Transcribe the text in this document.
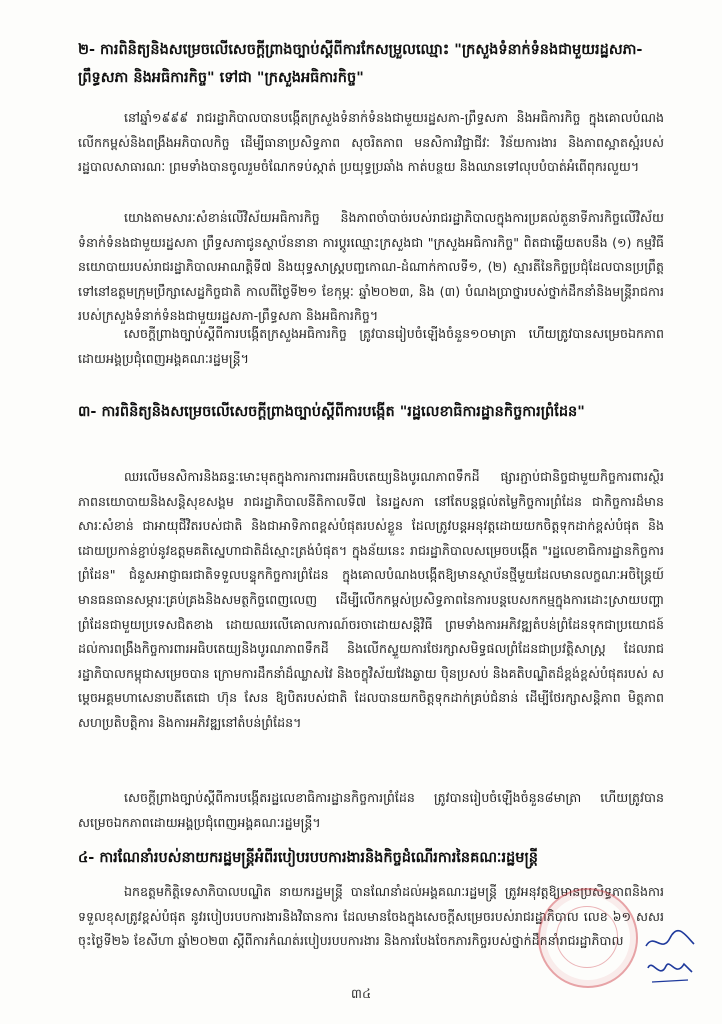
២- ការពិនិត្យនិងសម្រេចលើសេចក្តីព្រាងច្បាប់ស្តីពីការកែសម្រួលឈ្មោះ "ក្រសួងទំនាក់ទំនងជាមួយរដ្ឋសភា-ព្រឹទ្ធសភា និងអធិការកិច្ច" ទៅជា "ក្រសួងអធិការកិច្ច"
នៅឆ្នាំ១៩៩៩ រាជរដ្ឋាភិបាលបានបង្កើតក្រសួងទំនាក់ទំនងជាមួយរដ្ឋសភា-ព្រឹទ្ធសភា និងអធិការកិច្ច ក្នុងគោលបំណងលើកកម្ពស់និងពង្រឹងអភិបាលកិច្ច ដើម្បីធានាប្រសិទ្ធភាព សុចរិតភាព មនសិការវិជ្ជាជីវៈ វិន័យការងារ និងភាពស្អាតស្អំរបស់រដ្ឋបាលសាធារណៈ ព្រមទាំងបានចូលរួមចំណែកទប់ស្កាត់ ប្រយុទ្ធប្រឆាំង កាត់បន្ថយ និងឈានទៅលុបបំបាត់អំពើពុករលួយ។
យោងតាមសារៈសំខាន់លើវិស័យអធិការកិច្ច និងភាពចាំបាច់របស់រាជរដ្ឋាភិបាលក្នុងការប្រគល់តួនាទីភារកិច្ចលើវិស័យទំនាក់ទំនងជាមួយរដ្ឋសភា ព្រឹទ្ធសភាជូនស្ថាប័ននានា ការប្តូរឈ្មោះក្រសួងជា "ក្រសួងអធិការកិច្ច" ពិតជាឆ្លើយតបនឹង (១) កម្មវិធីនយោបាយរបស់រាជរដ្ឋាភិបាលអាណត្តិទី៧ និងយុទ្ធសាស្ត្របញ្ចកោណ-ដំណាក់កាលទី១, (២) ស្មារតីនៃកិច្ចប្រជុំដែលបានប្រព្រឹត្តទៅនៅឧត្តមក្រុមប្រឹក្សាសេដ្ឋកិច្ចជាតិ កាលពីថ្ងៃទី២១ ខែកុម្ភៈ ឆ្នាំ២០២៣, និង (៣) បំណងប្រាថ្នារបស់ថ្នាក់ដឹកនាំនិងមន្ត្រីរាជការរបស់ក្រសួងទំនាក់ទំនងជាមួយរដ្ឋសភា-ព្រឹទ្ធសភា និងអធិការកិច្ច។
សេចក្តីព្រាងច្បាប់ស្តីពីការបង្កើតក្រសួងអធិការកិច្ច ត្រូវបានរៀបចំឡើងចំនួន១០មាត្រា ហើយត្រូវបានសម្រេចឯកភាពដោយអង្គប្រជុំពេញអង្គគណៈរដ្ឋមន្ត្រី។
៣- ការពិនិត្យនិងសម្រេចលើសេចក្តីព្រាងច្បាប់ស្តីពីការបង្កើត "រដ្ឋលេខាធិការដ្ឋានកិច្ចការព្រំដែន"
ឈរលើមនសិការនិងឆន្ទៈមោះមុតក្នុងការការពារអធិបតេយ្យនិងបូរណភាពទឹកដី ផ្សារភ្ជាប់ជានិច្ចជាមួយកិច្ចការពារស្ថិរភាពនយោបាយនិងសន្តិសុខសង្គម រាជរដ្ឋាភិបាលនីតិកាលទី៧ នៃរដ្ឋសភា នៅតែបន្តផ្តល់តម្លៃកិច្ចការព្រំដែន ជាកិច្ចការដ៏មានសារៈសំខាន់ ជាអាយុជីវិតរបស់ជាតិ និងជាអាទិភាពខ្ពស់បំផុតរបស់ខ្លួន ដែលត្រូវបន្តអនុវត្តដោយយកចិត្តទុកដាក់ខ្ពស់បំផុត និងដោយប្រកាន់ខ្ជាប់នូវឧត្តមគតិស្នេហាជាតិដ៏ស្មោះត្រង់បំផុត។ ក្នុងន័យនេះ រាជរដ្ឋាភិបាលសម្រេចបង្កើត "រដ្ឋលេខាធិការដ្ឋានកិច្ចការព្រំដែន" ជំនួសអាជ្ញាធរជាតិទទួលបន្ទុកកិច្ចការព្រំដែន ក្នុងគោលបំណងបង្កើតឱ្យមានស្ថាប័នថ្មីមួយដែលមានលក្ខណៈអចិន្ត្រៃយ៍ មានធនធានសម្ភារៈគ្រប់គ្រងនិងសមត្ថកិច្ចពេញលេញ ដើម្បីលើកកម្ពស់ប្រសិទ្ធភាពនៃការបន្តបេសកកម្មក្នុងការដោះស្រាយបញ្ហាព្រំដែនជាមួយប្រទេសជិតខាង ដោយឈរលើគោលការណ៍ចរចាដោយសន្តិវិធី ព្រមទាំងការអភិវឌ្ឍតំបន់ព្រំដែនទុកជាប្រយោជន៍ដល់ការពង្រឹងកិច្ចការពារអធិបតេយ្យនិងបូរណភាពទឹកដី និងលើកស្ទួយការថែរក្សាសមិទ្ធផលព្រំដែនជាប្រវត្តិសាស្ត្រ ដែលរាជរដ្ឋាភិបាលកម្ពុជាសម្រេចបាន ក្រោមការដឹកនាំដ៏ឈ្លាសវៃ និងចក្ខុវិស័យវែងឆ្ងាយ ប៉ិនប្រសប់ និងគតិបណ្ឌិតដ៏ខ្ពង់ខ្ពស់បំផុតរបស់ សម្តេចអគ្គមហាសេនាបតីតេជោ ហ៊ុន សែន ឱ្យបិតរបស់ជាតិ ដែលបានយកចិត្តទុកដាក់គ្រប់ជំនាន់ ដើម្បីថែរក្សាសន្តិភាព មិត្តភាព សហប្រតិបត្តិការ និងការអភិវឌ្ឍនៅតំបន់ព្រំដែន។
សេចក្តីព្រាងច្បាប់ស្តីពីការបង្កើតរដ្ឋលេខាធិការដ្ឋានកិច្ចការព្រំដែន ត្រូវបានរៀបចំឡើងចំនួន៨មាត្រា ហើយត្រូវបានសម្រេចឯកភាពដោយអង្គប្រជុំពេញអង្គគណៈរដ្ឋមន្ត្រី។
៤- ការណែនាំរបស់នាយករដ្ឋមន្ត្រីអំពីរបៀបរបបការងារនិងកិច្ចដំណើរការនៃគណៈរដ្ឋមន្ត្រី
ឯកឧត្តមកិត្តិទេសាភិបាលបណ្ឌិត នាយករដ្ឋមន្ត្រី បានណែនាំដល់អង្គគណៈរដ្ឋមន្ត្រី ត្រូវអនុវត្តឱ្យមានប្រសិទ្ធភាពនិងការទទួលខុសត្រូវខ្ពស់បំផុត នូវរបៀបរបបការងារនិងវិធានការ ដែលមានចែងក្នុងសេចក្តីសម្រេចរបស់រាជរដ្ឋាភិបាល លេខ ៦១ សសរ ចុះថ្ងៃទី២៦ ខែសីហា ឆ្នាំ២០២៣ ស្តីពីការកំណត់របៀបរបបការងារ និងការបែងចែកភារកិច្ចរបស់ថ្នាក់ដឹកនាំរាជរដ្ឋាភិបាល
៣៤
